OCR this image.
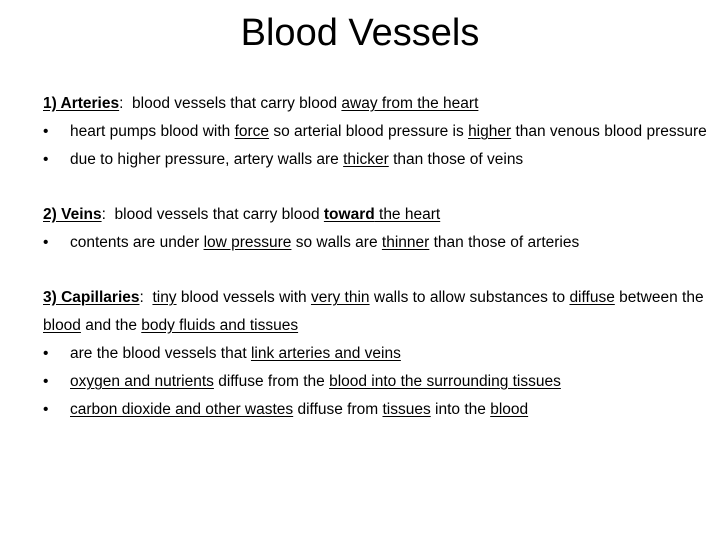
Blood Vessels
1) Arteries:  blood vessels that carry blood away from the heart
• heart pumps blood with force so arterial blood pressure is higher than venous blood pressure
• due to higher pressure, artery walls are thicker than those of veins
2) Veins:  blood vessels that carry blood toward the heart
• contents are under low pressure so walls are thinner than those of arteries
3) Capillaries: tiny blood vessels with very thin walls to allow substances to diffuse between the blood and the body fluids and tissues
• are the blood vessels that link arteries and veins
• oxygen and nutrients diffuse from the blood into the surrounding tissues
• carbon dioxide and other wastes diffuse from tissues into the blood
